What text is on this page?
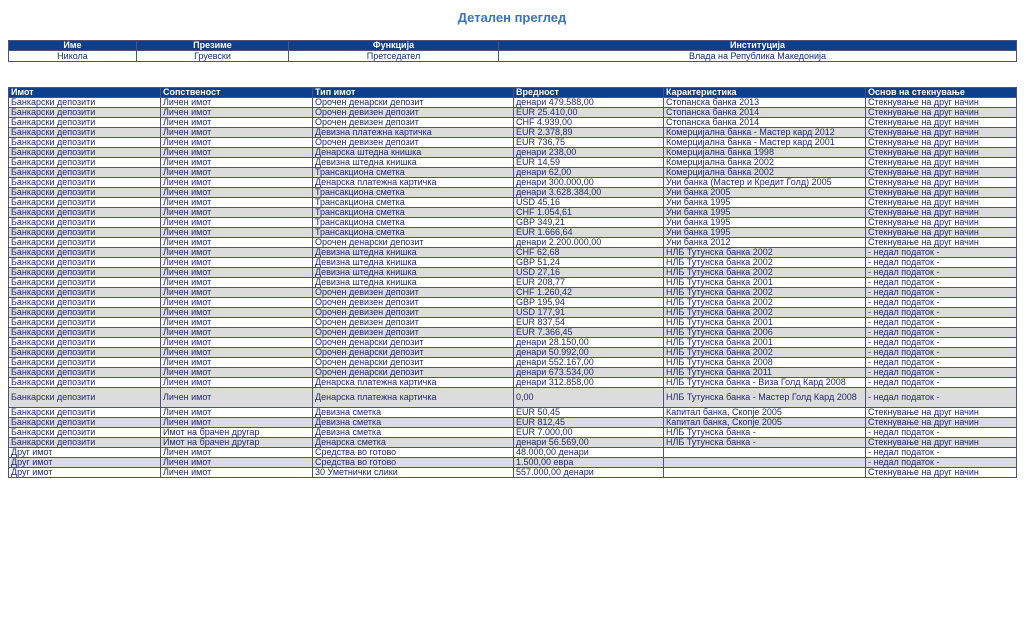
Детален преглед
Име	Презиме	Функција	Институција
Никола	Груевски	Претседател	Влада на Република Македонија
Имот	Сопственост	Тип имот	Вредност	Карактеристика	Основ на стекнување
Банкарски депозити	Личен имот	Орочен денарски депозит	денари 479.588,00	Стопанска банка 2013	Стекнување на друг начин
Банкарски депозити	Личен имот	Орочен девизен депозит	EUR 25.410,00	Стопанска банка 2014	Стекнување на друг начин
Банкарски депозити	Личен имот	Орочен девизен депозит	CHF 4.939,00	Стопанска банка 2014	Стекнување на друг начин
Банкарски депозити	Личен имот	Девизна платежна картичка	EUR 2.378,89	Комерцијална банка - Мастер кард 2012	Стекнување на друг начин
Банкарски депозити	Личен имот	Орочен девизен депозит	EUR 736,75	Комерцијална банка - Мастер кард 2001	Стекнување на друг начин
Банкарски депозити	Личен имот	Денарска штедна книшка	денари 238,00	Комерцијална банка 1998	Стекнување на друг начин
Банкарски депозити	Личен имот	Девизна штедна книшка	EUR 14,59	Комерцијална банка 2002	Стекнување на друг начин
Банкарски депозити	Личен имот	Трансакциона сметка	денари 62,00	Комерцијална банка 2002	Стекнување на друг начин
Банкарски депозити	Личен имот	Денарска платежна картичка	денари 300.000,00	Уни банка (Мастер и Кредит Голд) 2005	Стекнување на друг начин
Банкарски депозити	Личен имот	Трансакциона сметка	денари 3.628.384,00	Уни банка 2005	Стекнување на друг начин
Банкарски депозити	Личен имот	Трансакциона сметка	USD 45,16	Уни банка 1995	Стекнување на друг начин
Банкарски депозити	Личен имот	Трансакциона сметка	CHF 1.054,61	Уни банка 1995	Стекнување на друг начин
Банкарски депозити	Личен имот	Трансакциона сметка	GBP 349,21	Уни банка 1995	Стекнување на друг начин
Банкарски депозити	Личен имот	Трансакциона сметка	EUR 1.666,64	Уни банка 1995	Стекнување на друг начин
Банкарски депозити	Личен имот	Орочен денарски депозит	денари 2.200.000,00	Уни банка 2012	Стекнување на друг начин
Банкарски депозити	Личен имот	Девизна штедна книшка	CHF 62,68	НЛБ Тутунска банка 2002	- недал податок -
Банкарски депозити	Личен имот	Девизна штедна книшка	GBP 51,24	НЛБ Тутунска банка 2002	- недал податок -
Банкарски депозити	Личен имот	Девизна штедна книшка	USD 27,16	НЛБ Тутунска банка 2002	- недал податок -
Банкарски депозити	Личен имот	Девизна штедна книшка	EUR 208,77	НЛБ Тутунска банка 2001	- недал податок -
Банкарски депозити	Личен имот	Орочен девизен депозит	CHF 1.260,42	НЛБ Тутунска банка 2002	- недал податок -
Банкарски депозити	Личен имот	Орочен девизен депозит	GBP 195,94	НЛБ Тутунска банка 2002	- недал податок -
Банкарски депозити	Личен имот	Орочен девизен депозит	USD 177,91	НЛБ Тутунска банка 2002	- недал податок -
Банкарски депозити	Личен имот	Орочен девизен депозит	EUR 837,54	НЛБ Тутунска банка 2001	- недал податок -
Банкарски депозити	Личен имот	Орочен девизен депозит	EUR 7.366,45	НЛБ Тутунска банка 2006	- недал податок -
Банкарски депозити	Личен имот	Орочен денарски депозит	денари 28.150,00	НЛБ Тутунска банка 2001	- недал податок -
Банкарски депозити	Личен имот	Орочен денарски депозит	денари 50.992,00	НЛБ Тутунска банка 2002	- недал податок -
Банкарски депозити	Личен имот	Орочен денарски депозит	денари 552.167,00	НЛБ Тутунска банка 2008	- недал податок -
Банкарски депозити	Личен имот	Орочен денарски депозит	денари 673.534,00	НЛБ Тутунска банка 2011	- недал податок -
Банкарски депозити	Личен имот	Денарска платежна картичка	денари 312.858,00	НЛБ Тутунска банка - Виза Голд Кард 2008	- недал податок -
Банкарски депозити	Личен имот	Денарска платежна картичка	0,00	НЛБ Тутунска банка - Мастер Голд Кард 2008	- недал податок -
Банкарски депозити	Личен имот	Девизна сметка	EUR 50,45	Капитал банка, Скопје 2005	Стекнување на друг начин
Банкарски депозити	Личен имот	Девизна сметка	EUR 812,45	Капитал банка, Скопје 2005	Стекнување на друг начин
Банкарски депозити	Имот на брачен другар	Девизна сметка	EUR 7.000,00	НЛБ Тутунска банка -	- недал податок -
Банкарски депозити	Имот на брачен другар	Денарска сметка	денари 56.569,00	НЛБ Тутунска банка -	Стекнување на друг начин
Друг имот	Личен имот	Средства во готово	48.000,00 денари		- недал податок -
Друг имот	Личен имот	Средства во готово	1.500,00 евра		- недал податок -
Друг имот	Личен имот	30 Уметнички слики	557.000,00 денари		Стекнување на друг начин
